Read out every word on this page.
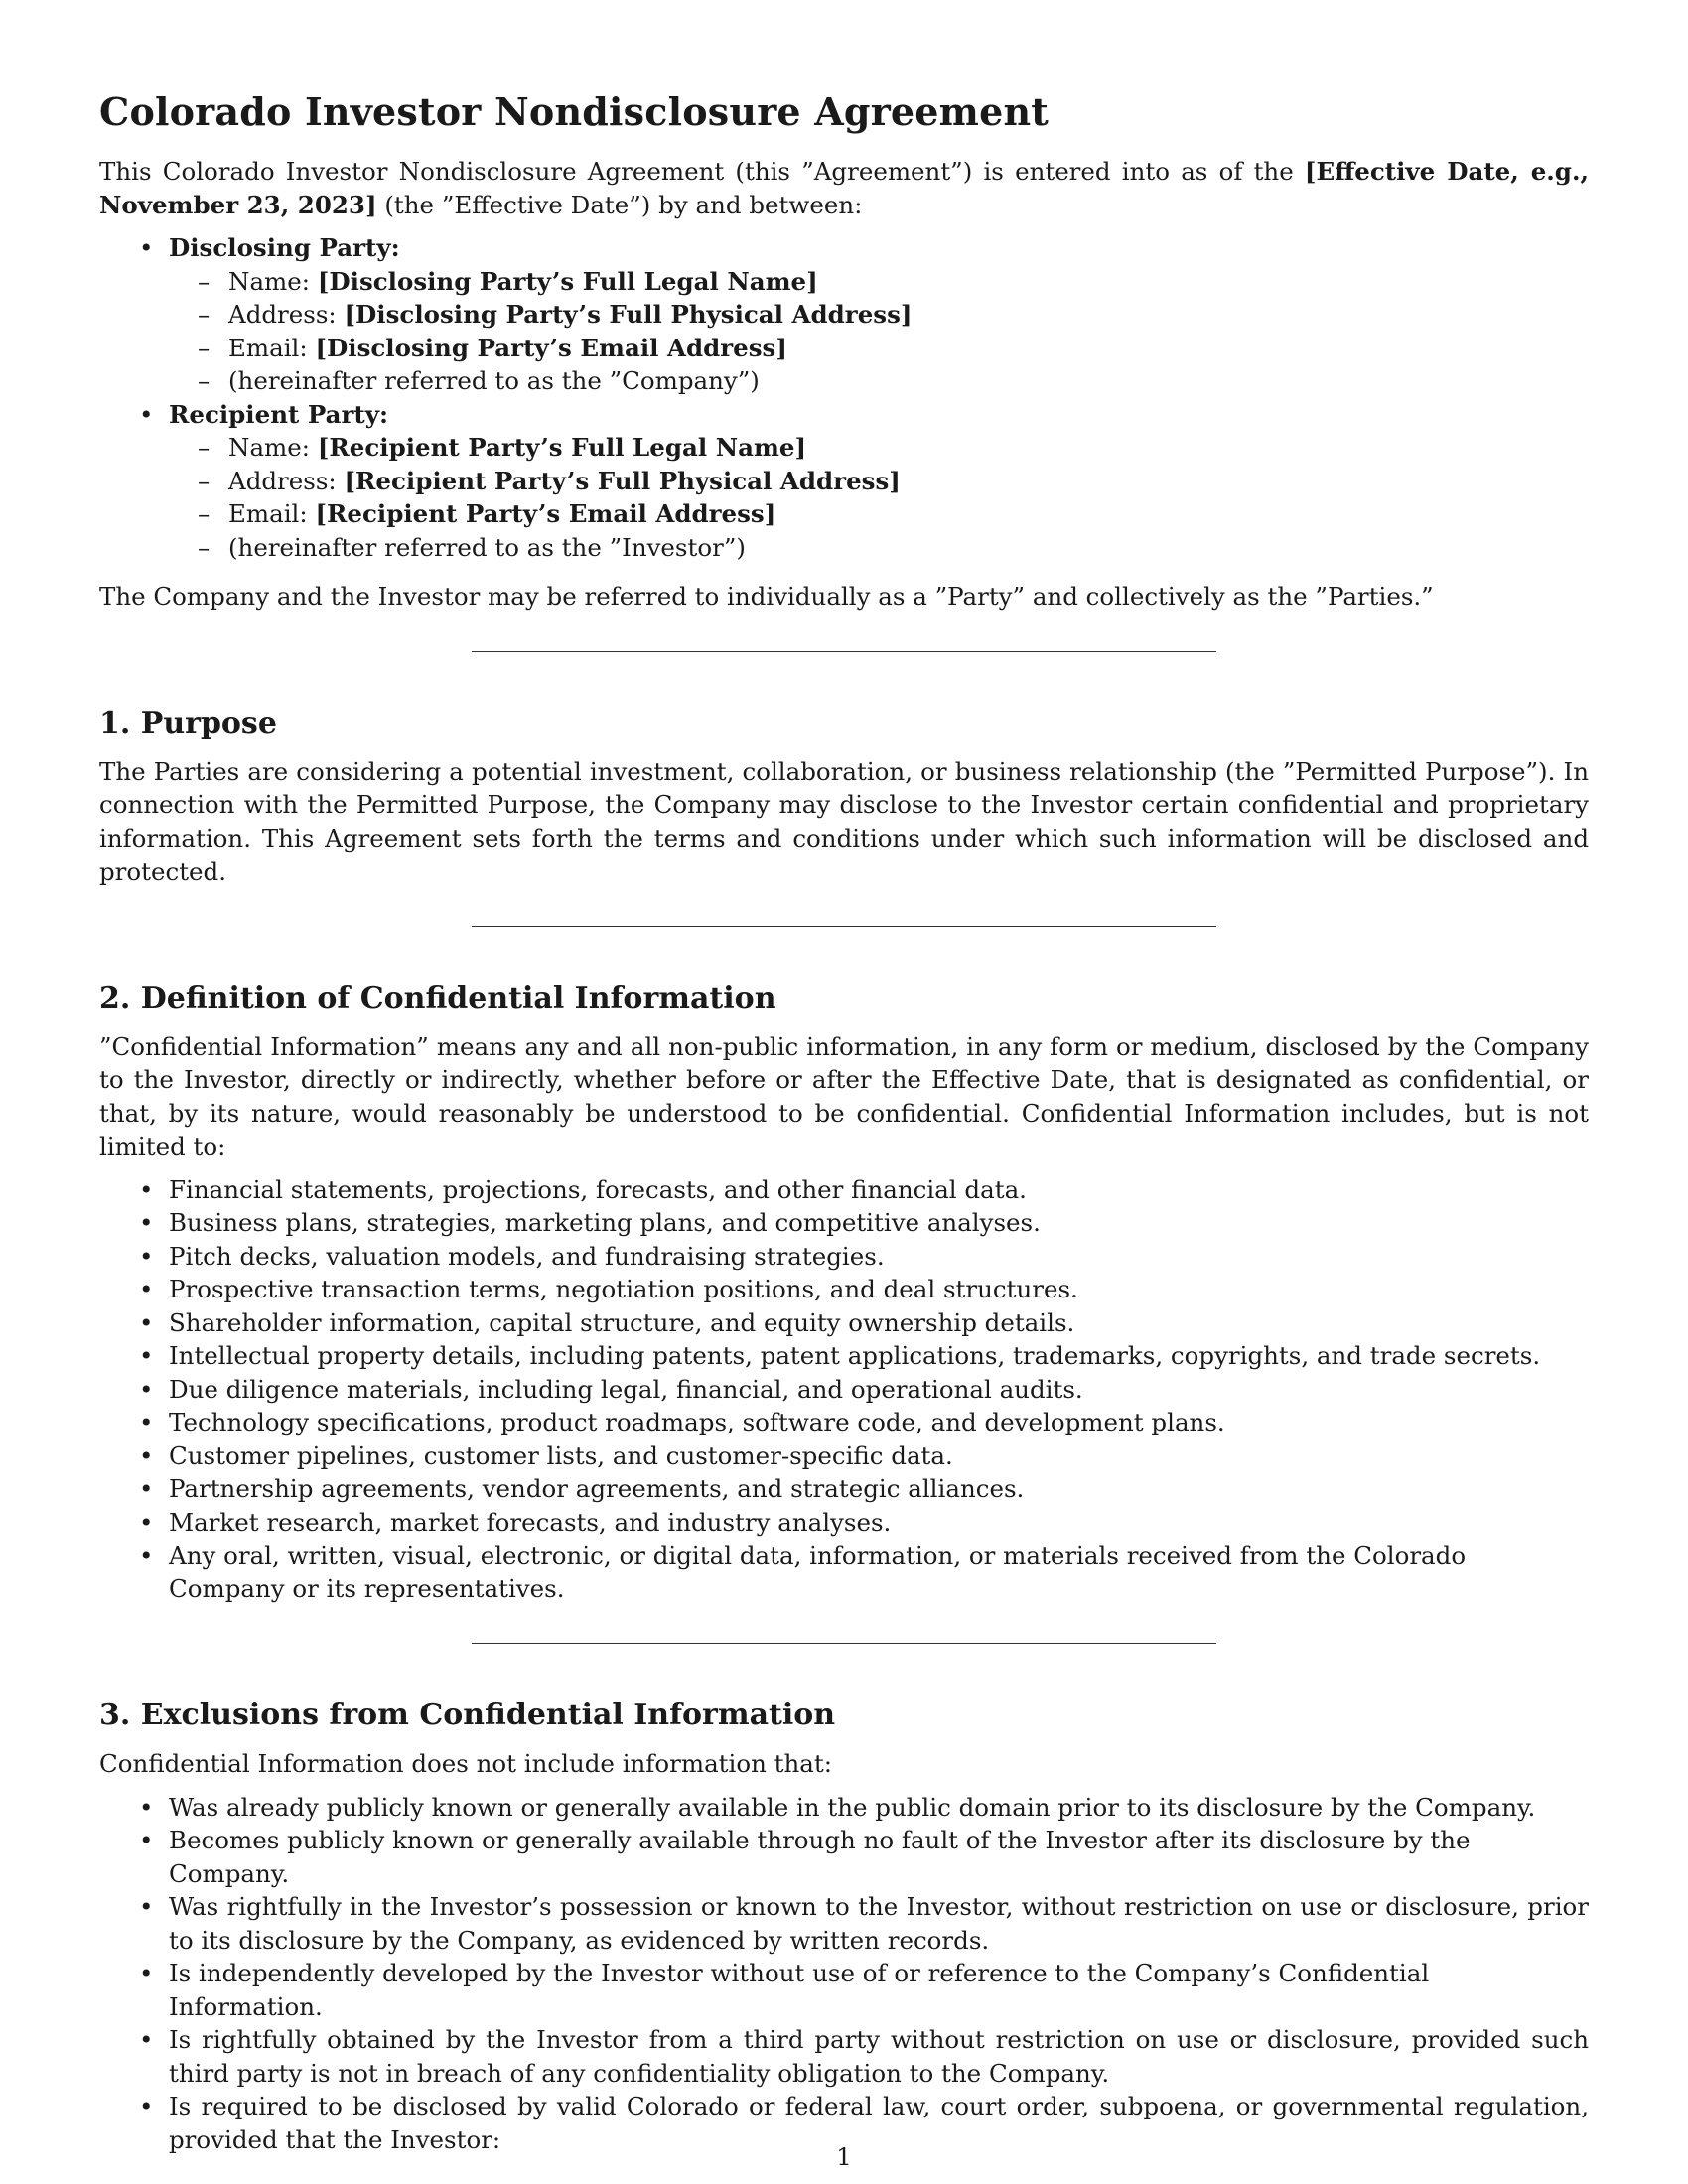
Colorado Investor Nondisclosure Agreement

This Colorado Investor Nondisclosure Agreement (this ”Agreement”) is entered into as of the [Effective Date, e.g., November 23, 2023] (the ”Effective Date”) by and between:

• Disclosing Party:
– Name: [Disclosing Party’s Full Legal Name]
– Address: [Disclosing Party’s Full Physical Address]
– Email: [Disclosing Party’s Email Address]
– (hereinafter referred to as the ”Company”)
• Recipient Party:
– Name: [Recipient Party’s Full Legal Name]
– Address: [Recipient Party’s Full Physical Address]
– Email: [Recipient Party’s Email Address]
– (hereinafter referred to as the ”Investor”)

The Company and the Investor may be referred to individually as a ”Party” and collectively as the ”Parties.”

1. Purpose

The Parties are considering a potential investment, collaboration, or business relationship (the ”Permitted Purpose”). In connection with the Permitted Purpose, the Company may disclose to the Investor certain confidential and proprietary information. This Agreement sets forth the terms and conditions under which such information will be disclosed and protected.

2. Definition of Confidential Information

”Confidential Information” means any and all non-public information, in any form or medium, disclosed by the Company to the Investor, directly or indirectly, whether before or after the Effective Date, that is designated as confidential, or that, by its nature, would reasonably be understood to be confidential. Confidential Information includes, but is not limited to:

• Financial statements, projections, forecasts, and other financial data.
• Business plans, strategies, marketing plans, and competitive analyses.
• Pitch decks, valuation models, and fundraising strategies.
• Prospective transaction terms, negotiation positions, and deal structures.
• Shareholder information, capital structure, and equity ownership details.
• Intellectual property details, including patents, patent applications, trademarks, copyrights, and trade secrets.
• Due diligence materials, including legal, financial, and operational audits.
• Technology specifications, product roadmaps, software code, and development plans.
• Customer pipelines, customer lists, and customer-specific data.
• Partnership agreements, vendor agreements, and strategic alliances.
• Market research, market forecasts, and industry analyses.
• Any oral, written, visual, electronic, or digital data, information, or materials received from the Colorado Company or its representatives.
3. Exclusions from Confidential Information

Confidential Information does not include information that:

• Was already publicly known or generally available in the public domain prior to its disclosure by the Company.
• Becomes publicly known or generally available through no fault of the Investor after its disclosure by the Company.
• Was rightfully in the Investor’s possession or known to the Investor, without restriction on use or disclosure, prior to its disclosure by the Company, as evidenced by written records.
• Is independently developed by the Investor without use of or reference to the Company’s Confidential Information.
• Is rightfully obtained by the Investor from a third party without restriction on use or disclosure, provided such third party is not in breach of any confidentiality obligation to the Company.
• Is required to be disclosed by valid Colorado or federal law, court order, subpoena, or governmental regulation, provided that the Investor:
1
